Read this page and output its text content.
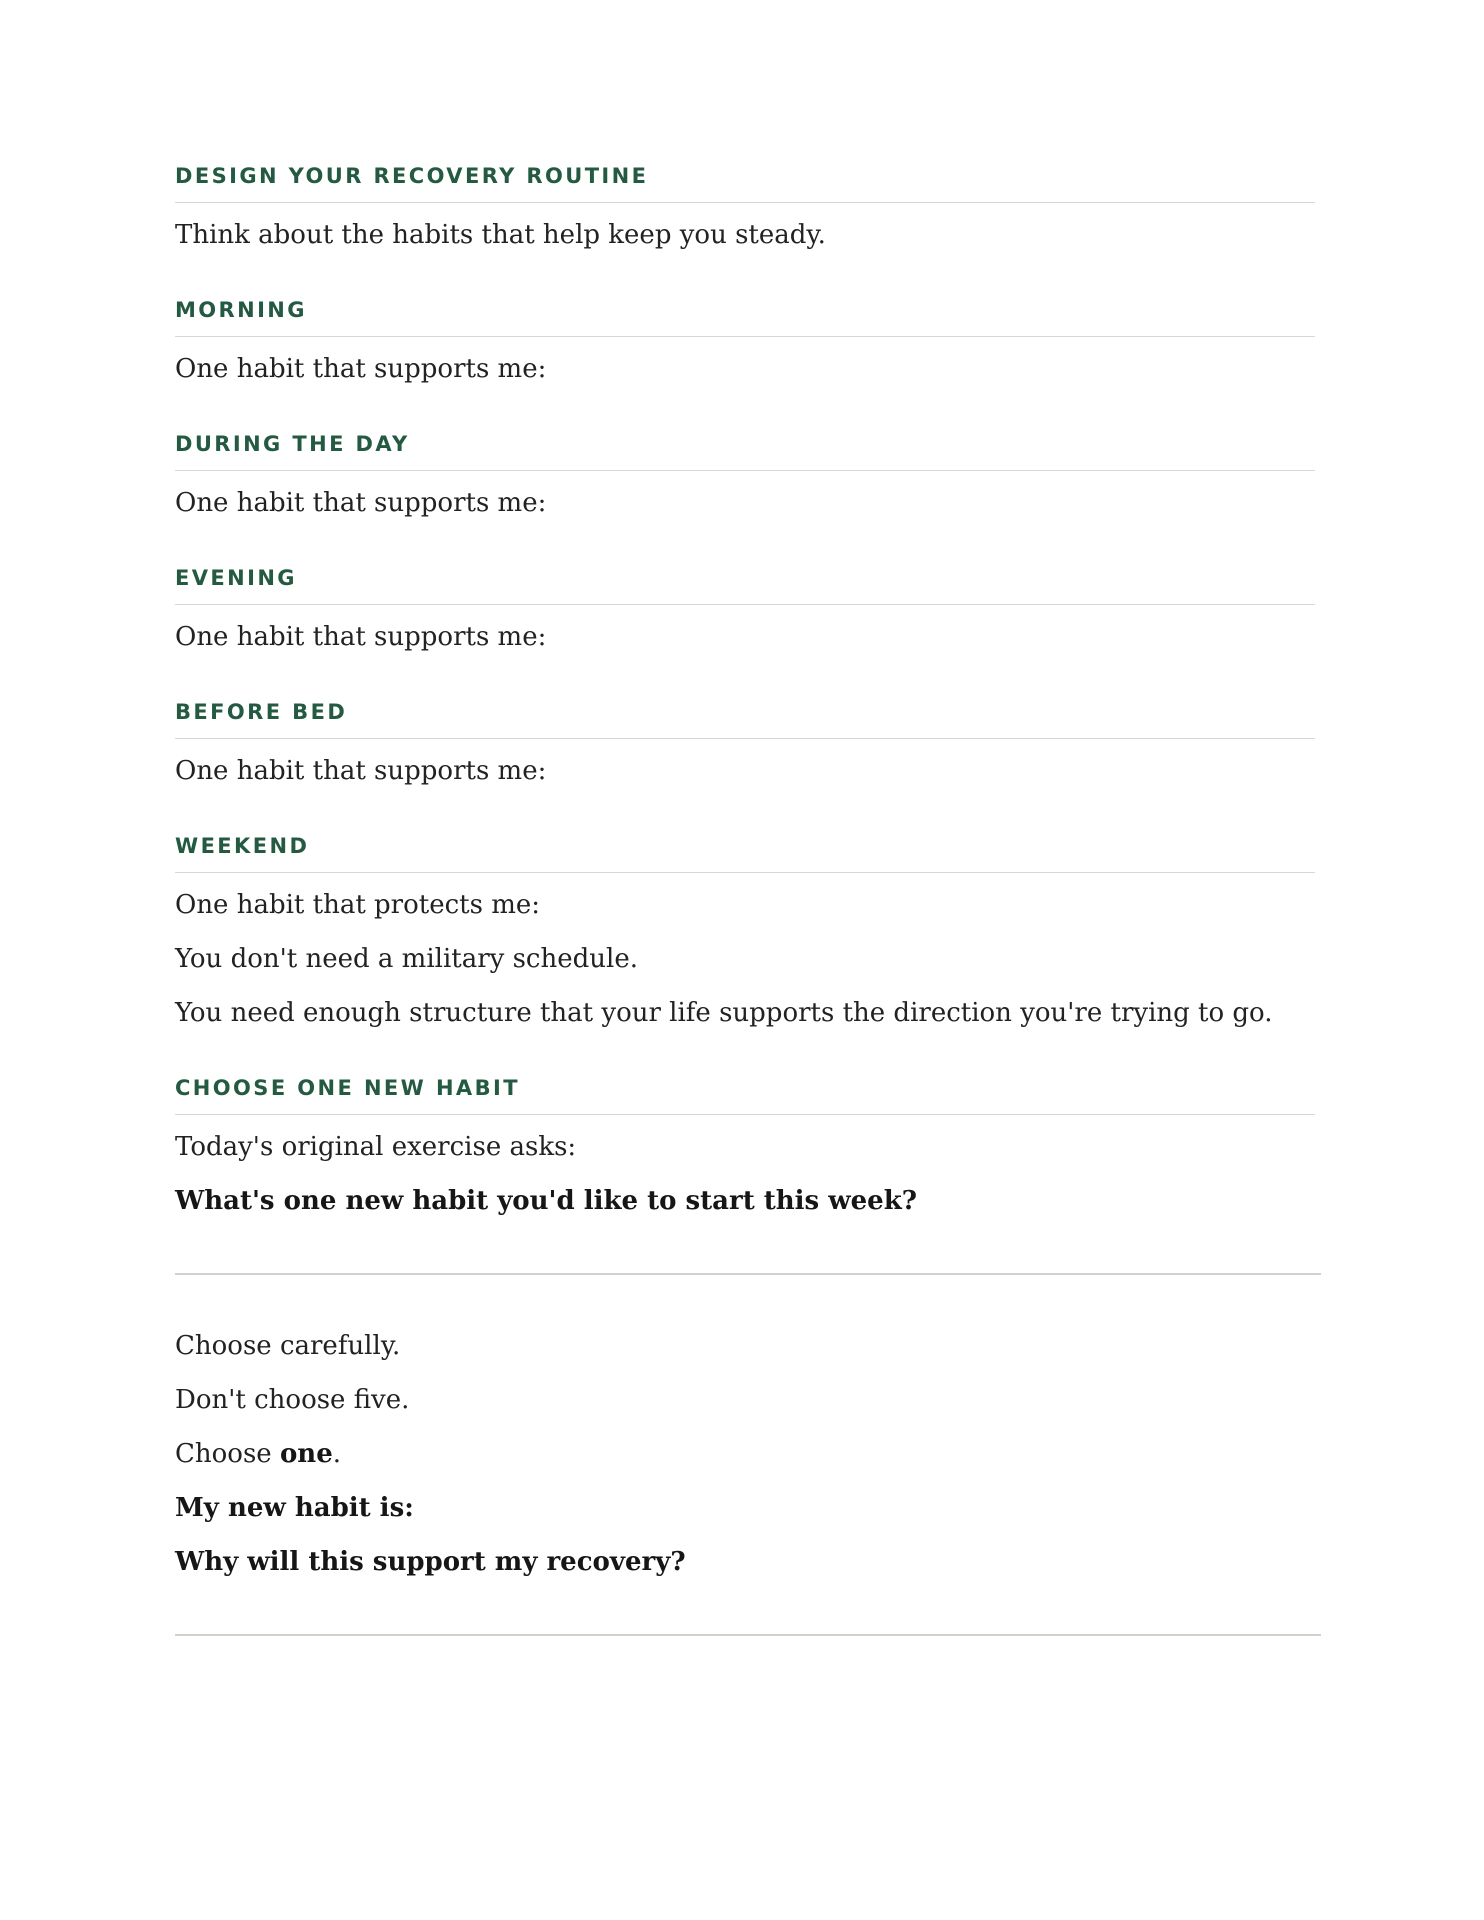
DESIGN YOUR RECOVERY ROUTINE
Think about the habits that help keep you steady.
MORNING
One habit that supports me:
DURING THE DAY
One habit that supports me:
EVENING
One habit that supports me:
BEFORE BED
One habit that supports me:
WEEKEND
One habit that protects me:
You don't need a military schedule.
You need enough structure that your life supports the direction you're trying to go.
CHOOSE ONE NEW HABIT
Today's original exercise asks:
What's one new habit you'd like to start this week?
Choose carefully.
Don't choose five.
Choose one.
My new habit is:
Why will this support my recovery?
